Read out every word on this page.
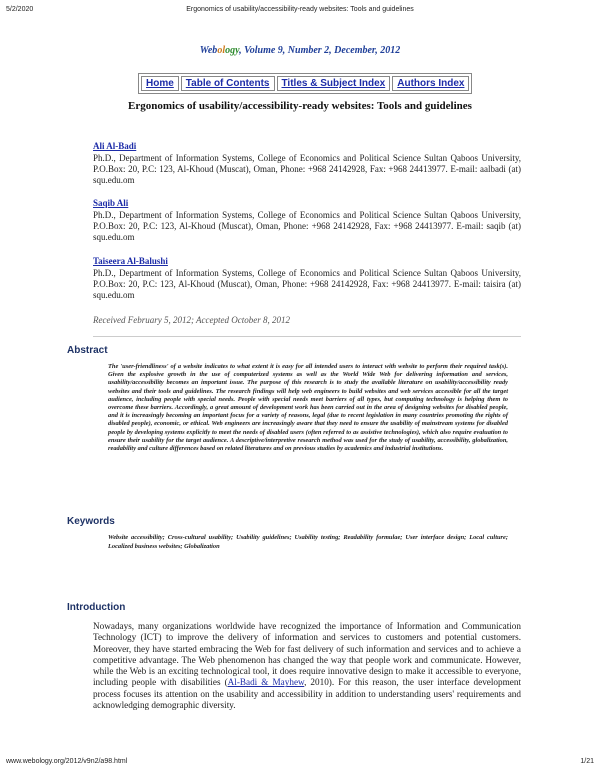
5/2/2020	Ergonomics of usability/accessibility-ready websites: Tools and guidelines
Webology, Volume 9, Number 2, December, 2012
Home	Table of Contents	Titles & Subject Index	Authors Index
Ergonomics of usability/accessibility-ready websites: Tools and guidelines
Ali Al-Badi
Ph.D., Department of Information Systems, College of Economics and Political Science Sultan Qaboos University, P.O.Box: 20, P.C: 123, Al-Khoud (Muscat), Oman, Phone: +968 24142928, Fax: +968 24413977. E-mail: aalbadi (at) squ.edu.om
Saqib Ali
Ph.D., Department of Information Systems, College of Economics and Political Science Sultan Qaboos University, P.O.Box: 20, P.C: 123, Al-Khoud (Muscat), Oman, Phone: +968 24142928, Fax: +968 24413977. E-mail: saqib (at) squ.edu.om
Taiseera Al-Balushi
Ph.D., Department of Information Systems, College of Economics and Political Science Sultan Qaboos University, P.O.Box: 20, P.C: 123, Al-Khoud (Muscat), Oman, Phone: +968 24142928, Fax: +968 24413977. E-mail: taisira (at) squ.edu.om
Received February 5, 2012; Accepted October 8, 2012
Abstract
The 'user-friendliness' of a website indicates to what extent it is easy for all intended users to interact with website to perform their required task(s). Given the explosive growth in the use of computerized systems as well as the World Wide Web for delivering information and services, usability/accessibility becomes an important issue. The purpose of this research is to study the available literature on usability/accessibility ready websites and their tools and guidelines. The research findings will help web engineers to build websites and web services accessible for all the target audience, including people with special needs. People with special needs meet barriers of all types, but computing technology is helping them to overcome these barriers. Accordingly, a great amount of development work has been carried out in the area of designing websites for disabled people, and it is increasingly becoming an important focus for a variety of reasons, legal (due to recent legislation in many countries promoting the rights of disabled people), economic, or ethical. Web engineers are increasingly aware that they need to ensure the usability of mainstream systems for disabled people by developing systems explicitly to meet the needs of disabled users (often referred to as assistive technologies), which also require evaluation to ensure their usability for the target audience. A descriptive/interpretive research method was used for the study of usability, accessibility, globalization, readability and culture differences based on related literatures and on previous studies by academics and industrial institutions.
Keywords
Website accessibility; Cross-cultural usability; Usability guidelines; Usability testing; Readability formulae; User interface design; Local culture; Localized business websites; Globalization
Introduction
Nowadays, many organizations worldwide have recognized the importance of Information and Communication Technology (ICT) to improve the delivery of information and services to customers and potential customers. Moreover, they have started embracing the Web for fast delivery of such information and services and to achieve a competitive advantage. The Web phenomenon has changed the way that people work and communicate. However, while the Web is an exciting technological tool, it does require innovative design to make it accessible to everyone, including people with disabilities (Al-Badi & Mayhew, 2010). For this reason, the user interface development process focuses its attention on the usability and accessibility in addition to understanding users' requirements and acknowledging demographic diversity.
www.webology.org/2012/v9n2/a98.html	1/21
